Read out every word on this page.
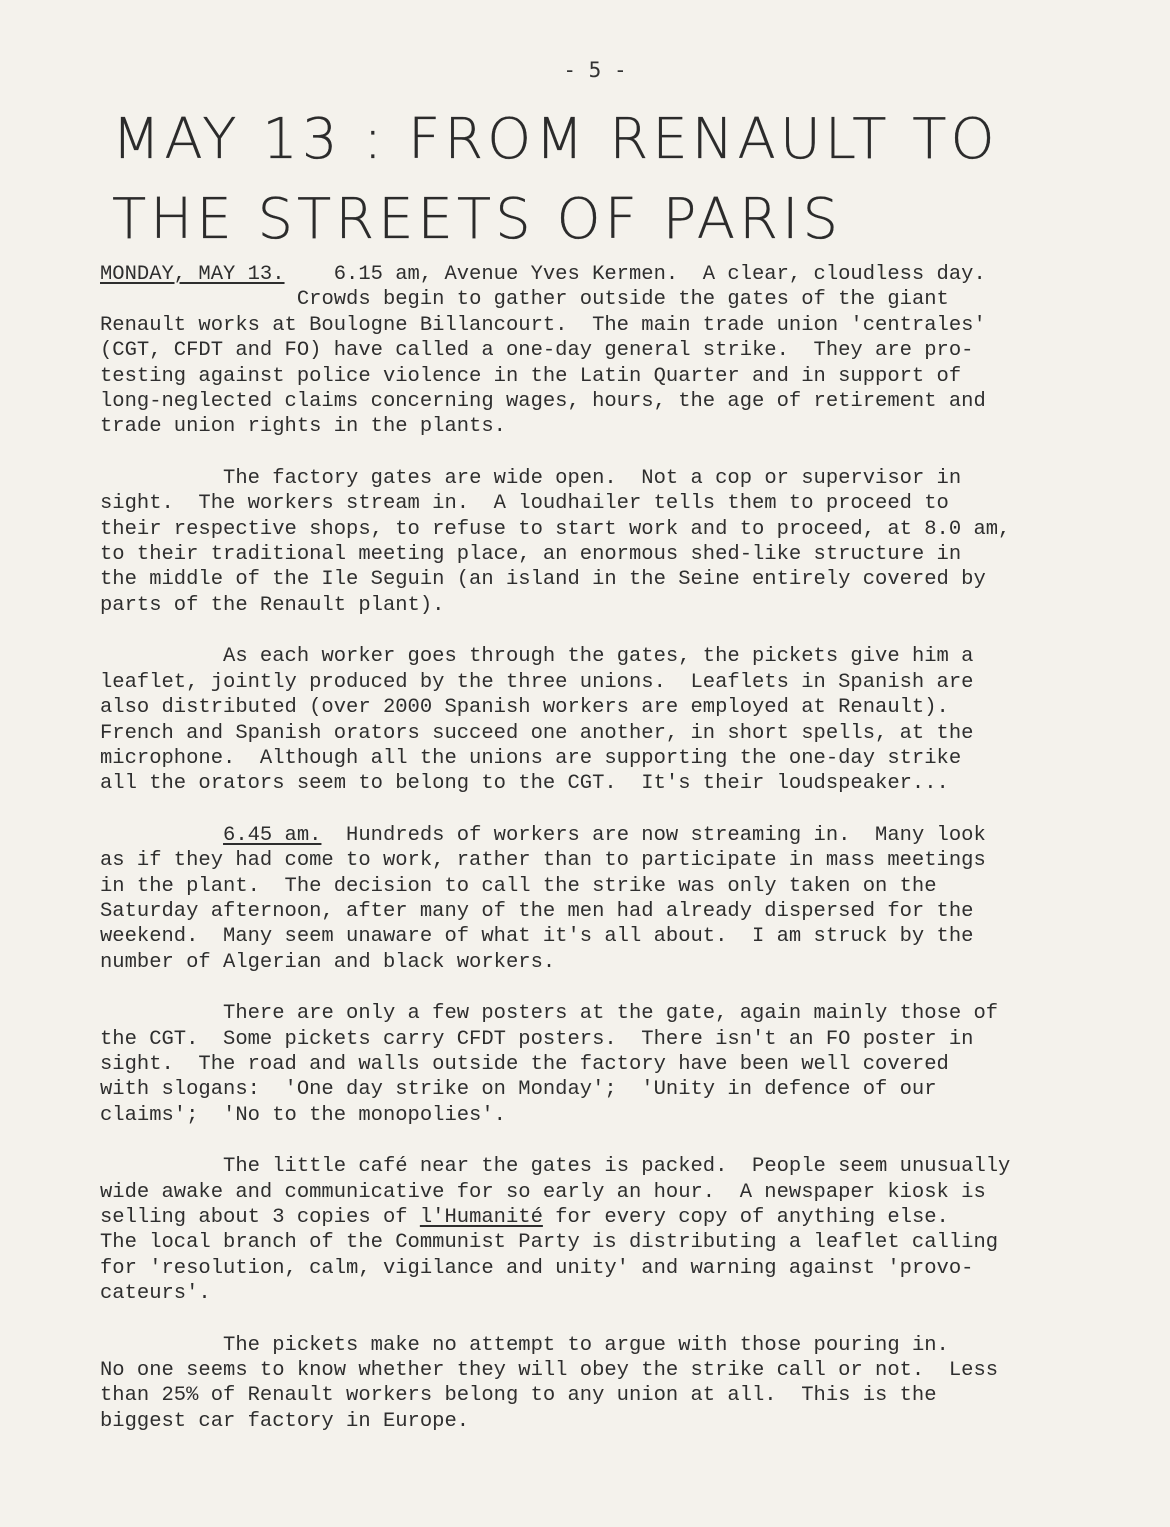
- 5 -
MAY 13 : FROM RENAULT TO
THE STREETS OF PARIS
MONDAY, MAY 13.    6.15 am, Avenue Yves Kermen.  A clear, cloudless day.
Crowds begin to gather outside the gates of the giant
Renault works at Boulogne Billancourt.  The main trade union 'centrales'
(CGT, CFDT and FO) have called a one-day general strike.  They are pro-
testing against police violence in the Latin Quarter and in support of
long-neglected claims concerning wages, hours, the age of retirement and
trade union rights in the plants.
The factory gates are wide open.  Not a cop or supervisor in
sight.  The workers stream in.  A loudhailer tells them to proceed to
their respective shops, to refuse to start work and to proceed, at 8.0 am,
to their traditional meeting place, an enormous shed-like structure in
the middle of the Ile Seguin (an island in the Seine entirely covered by
parts of the Renault plant).
As each worker goes through the gates, the pickets give him a
leaflet, jointly produced by the three unions.  Leaflets in Spanish are
also distributed (over 2000 Spanish workers are employed at Renault).
French and Spanish orators succeed one another, in short spells, at the
microphone.  Although all the unions are supporting the one-day strike
all the orators seem to belong to the CGT.  It's their loudspeaker...
6.45 am.  Hundreds of workers are now streaming in.  Many look
as if they had come to work, rather than to participate in mass meetings
in the plant.  The decision to call the strike was only taken on the
Saturday afternoon, after many of the men had already dispersed for the
weekend.  Many seem unaware of what it's all about.  I am struck by the
number of Algerian and black workers.
There are only a few posters at the gate, again mainly those of
the CGT.  Some pickets carry CFDT posters.  There isn't an FO poster in
sight.  The road and walls outside the factory have been well covered
with slogans:  'One day strike on Monday';  'Unity in defence of our
claims';  'No to the monopolies'.
The little café near the gates is packed.  People seem unusually
wide awake and communicative for so early an hour.  A newspaper kiosk is
selling about 3 copies of l'Humanité for every copy of anything else.
The local branch of the Communist Party is distributing a leaflet calling
for 'resolution, calm, vigilance and unity' and warning against 'provo-
cateurs'.
The pickets make no attempt to argue with those pouring in.
No one seems to know whether they will obey the strike call or not.  Less
than 25% of Renault workers belong to any union at all.  This is the
biggest car factory in Europe.
